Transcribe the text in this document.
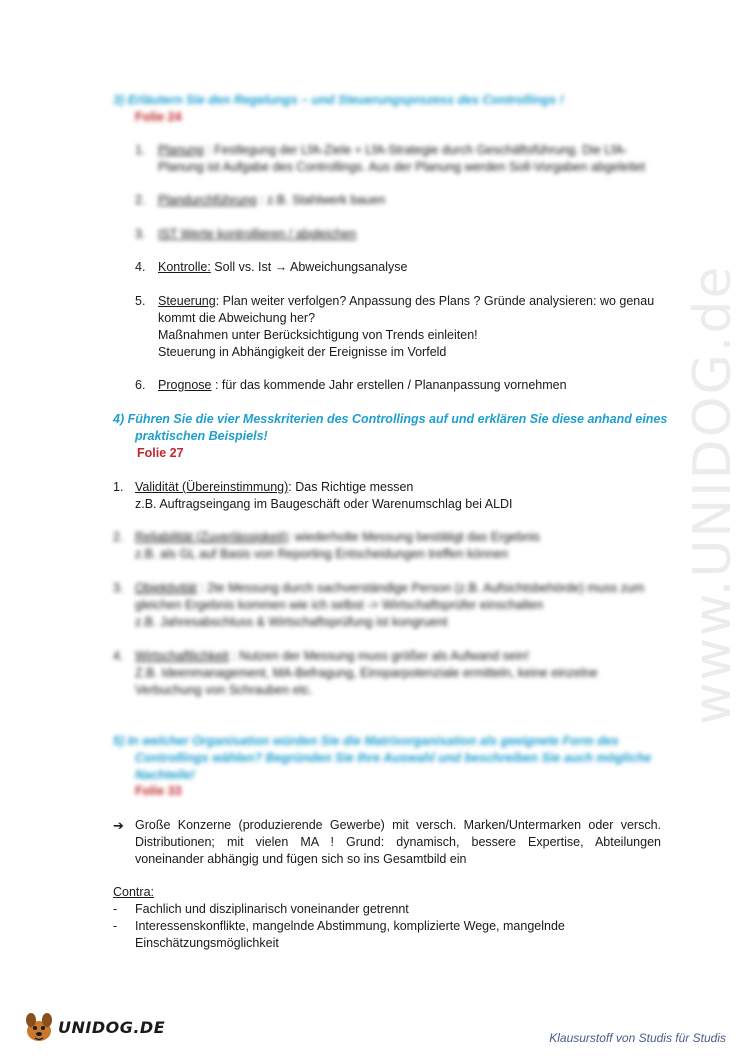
www.UNIDOG.de
3) Erläutern Sie den Regelungs – und Steuerungsprozess des Controllings !
Folie 24
1. Planung : Festlegung der LfA-Ziele + LfA-Strategie durch Geschäftsführung. Die LfA-
Planung ist Aufgabe des Controllings. Aus der Planung werden Soll-Vorgaben abgeleitet
2. Plandurchführung : z.B. Stahlwerk bauen
3. IST Werte kontrollieren / abgleichen
4. Kontrolle: Soll vs. Ist → Abweichungsanalyse
5. Steuerung: Plan weiter verfolgen? Anpassung des Plans ? Gründe analysieren: wo genau
kommt die Abweichung her?
Maßnahmen unter Berücksichtigung von Trends einleiten!
Steuerung in Abhängigkeit der Ereignisse im Vorfeld
6. Prognose : für das kommende Jahr erstellen / Plananpassung vornehmen
4) Führen Sie die vier Messkriterien des Controllings auf und erklären Sie diese anhand eines
praktischen Beispiels!
Folie 27
1. Validität (Übereinstimmung): Das Richtige messen
z.B. Auftragseingang im Baugeschäft oder Warenumschlag bei ALDI
2. Reliabilität (Zuverlässigkeit): wiederholte Messung bestätigt das Ergebnis
z.B. als GL auf Basis von Reporting Entscheidungen treffen können
3. Objektivität : 2te Messung durch sachverständige Person (z.B. Aufsichtsbehörde) muss zum
gleichen Ergebnis kommen wie ich selbst -> Wirtschaftsprüfer einschalten
z.B. Jahresabschluss & Wirtschaftsprüfung ist kongruent
4. Wirtschaftlichkeit : Nutzen der Messung muss größer als Aufwand sein!
Z.B. Ideenmanagement, MA-Befragung, Einsparpotenziale ermitteln, keine einzelne
Verbuchung von Schrauben etc.
5) In welcher Organisation würden Sie die Matrixorganisation als geeignete Form des
Controllings wählen? Begründen Sie Ihre Auswahl und beschreiben Sie auch mögliche
Nachteile!
Folie 33
➔ Große Konzerne (produzierende Gewerbe) mit versch. Marken/Untermarken oder versch.
Distributionen; mit vielen MA ! Grund: dynamisch, bessere Expertise, Abteilungen
voneinander abhängig und fügen sich so ins Gesamtbild ein
Contra:
- Fachlich und disziplinarisch voneinander getrennt
- Interessenskonflikte, mangelnde Abstimmung, komplizierte Wege, mangelnde
Einschätzungsmöglichkeit
UNIDOG.DE
Klausurstoff von Studis für Studis
